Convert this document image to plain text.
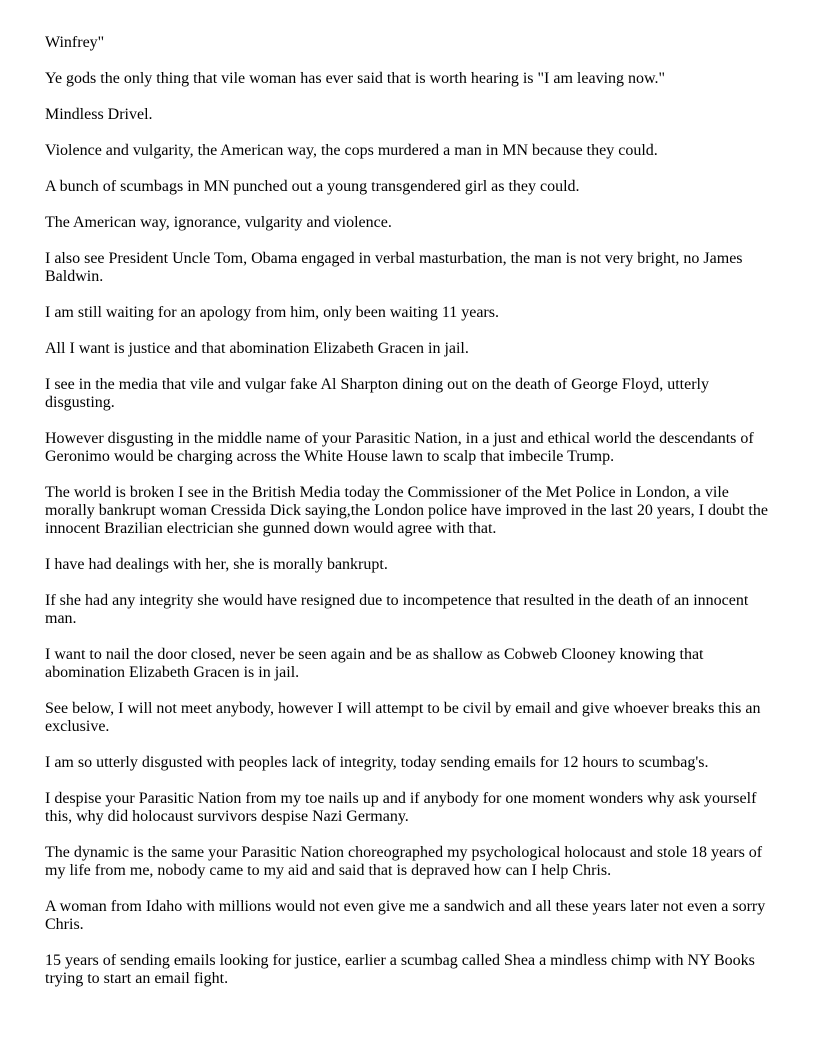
Winfrey"

Ye gods the only thing that vile woman has ever said that is worth hearing is "I am leaving now."

Mindless Drivel.

Violence and vulgarity, the American way, the cops murdered a man in MN because they could.

A bunch of scumbags in MN punched out a young transgendered girl as they could.

The American way, ignorance, vulgarity and violence.

I also see President Uncle Tom, Obama engaged in verbal masturbation, the man is not very bright, no James Baldwin.

I am still waiting for an apology from him, only been waiting 11 years.

All I want is justice and that abomination Elizabeth Gracen in jail.

I see in the media that vile and vulgar fake Al Sharpton dining out on the death of George Floyd, utterly disgusting.

However disgusting in the middle name of your Parasitic Nation, in a just and ethical world the descendants of Geronimo would be charging across the White House lawn to scalp that imbecile Trump.

The world is broken I see in the British Media today the Commissioner of the Met Police in London, a vile morally bankrupt woman Cressida Dick saying,the London police have improved in the last 20 years, I doubt the innocent Brazilian electrician she gunned down would agree with that.

I have had dealings with her, she is morally bankrupt.

If she had any integrity she would have resigned due to incompetence that resulted in the death of an innocent man.

I want to nail the door closed, never be seen again and be as shallow as Cobweb Clooney knowing that abomination Elizabeth Gracen is in jail.

See below, I will not meet anybody, however I will attempt to be civil by email and give whoever breaks this an exclusive.

I am so utterly disgusted with peoples lack of integrity, today sending emails for 12 hours to scumbag's.

I despise your Parasitic Nation from my toe nails up and if anybody for one moment wonders why ask yourself this, why did holocaust survivors despise Nazi Germany.

The dynamic is the same your Parasitic Nation choreographed my psychological holocaust and stole 18 years of my life from me, nobody came to my aid and said that is depraved how can I help Chris.

A woman from Idaho with millions would not even give me a sandwich and all these years later not even a sorry Chris.

15 years of sending emails looking for justice, earlier a scumbag called Shea a mindless chimp with NY Books trying to start an email fight.
